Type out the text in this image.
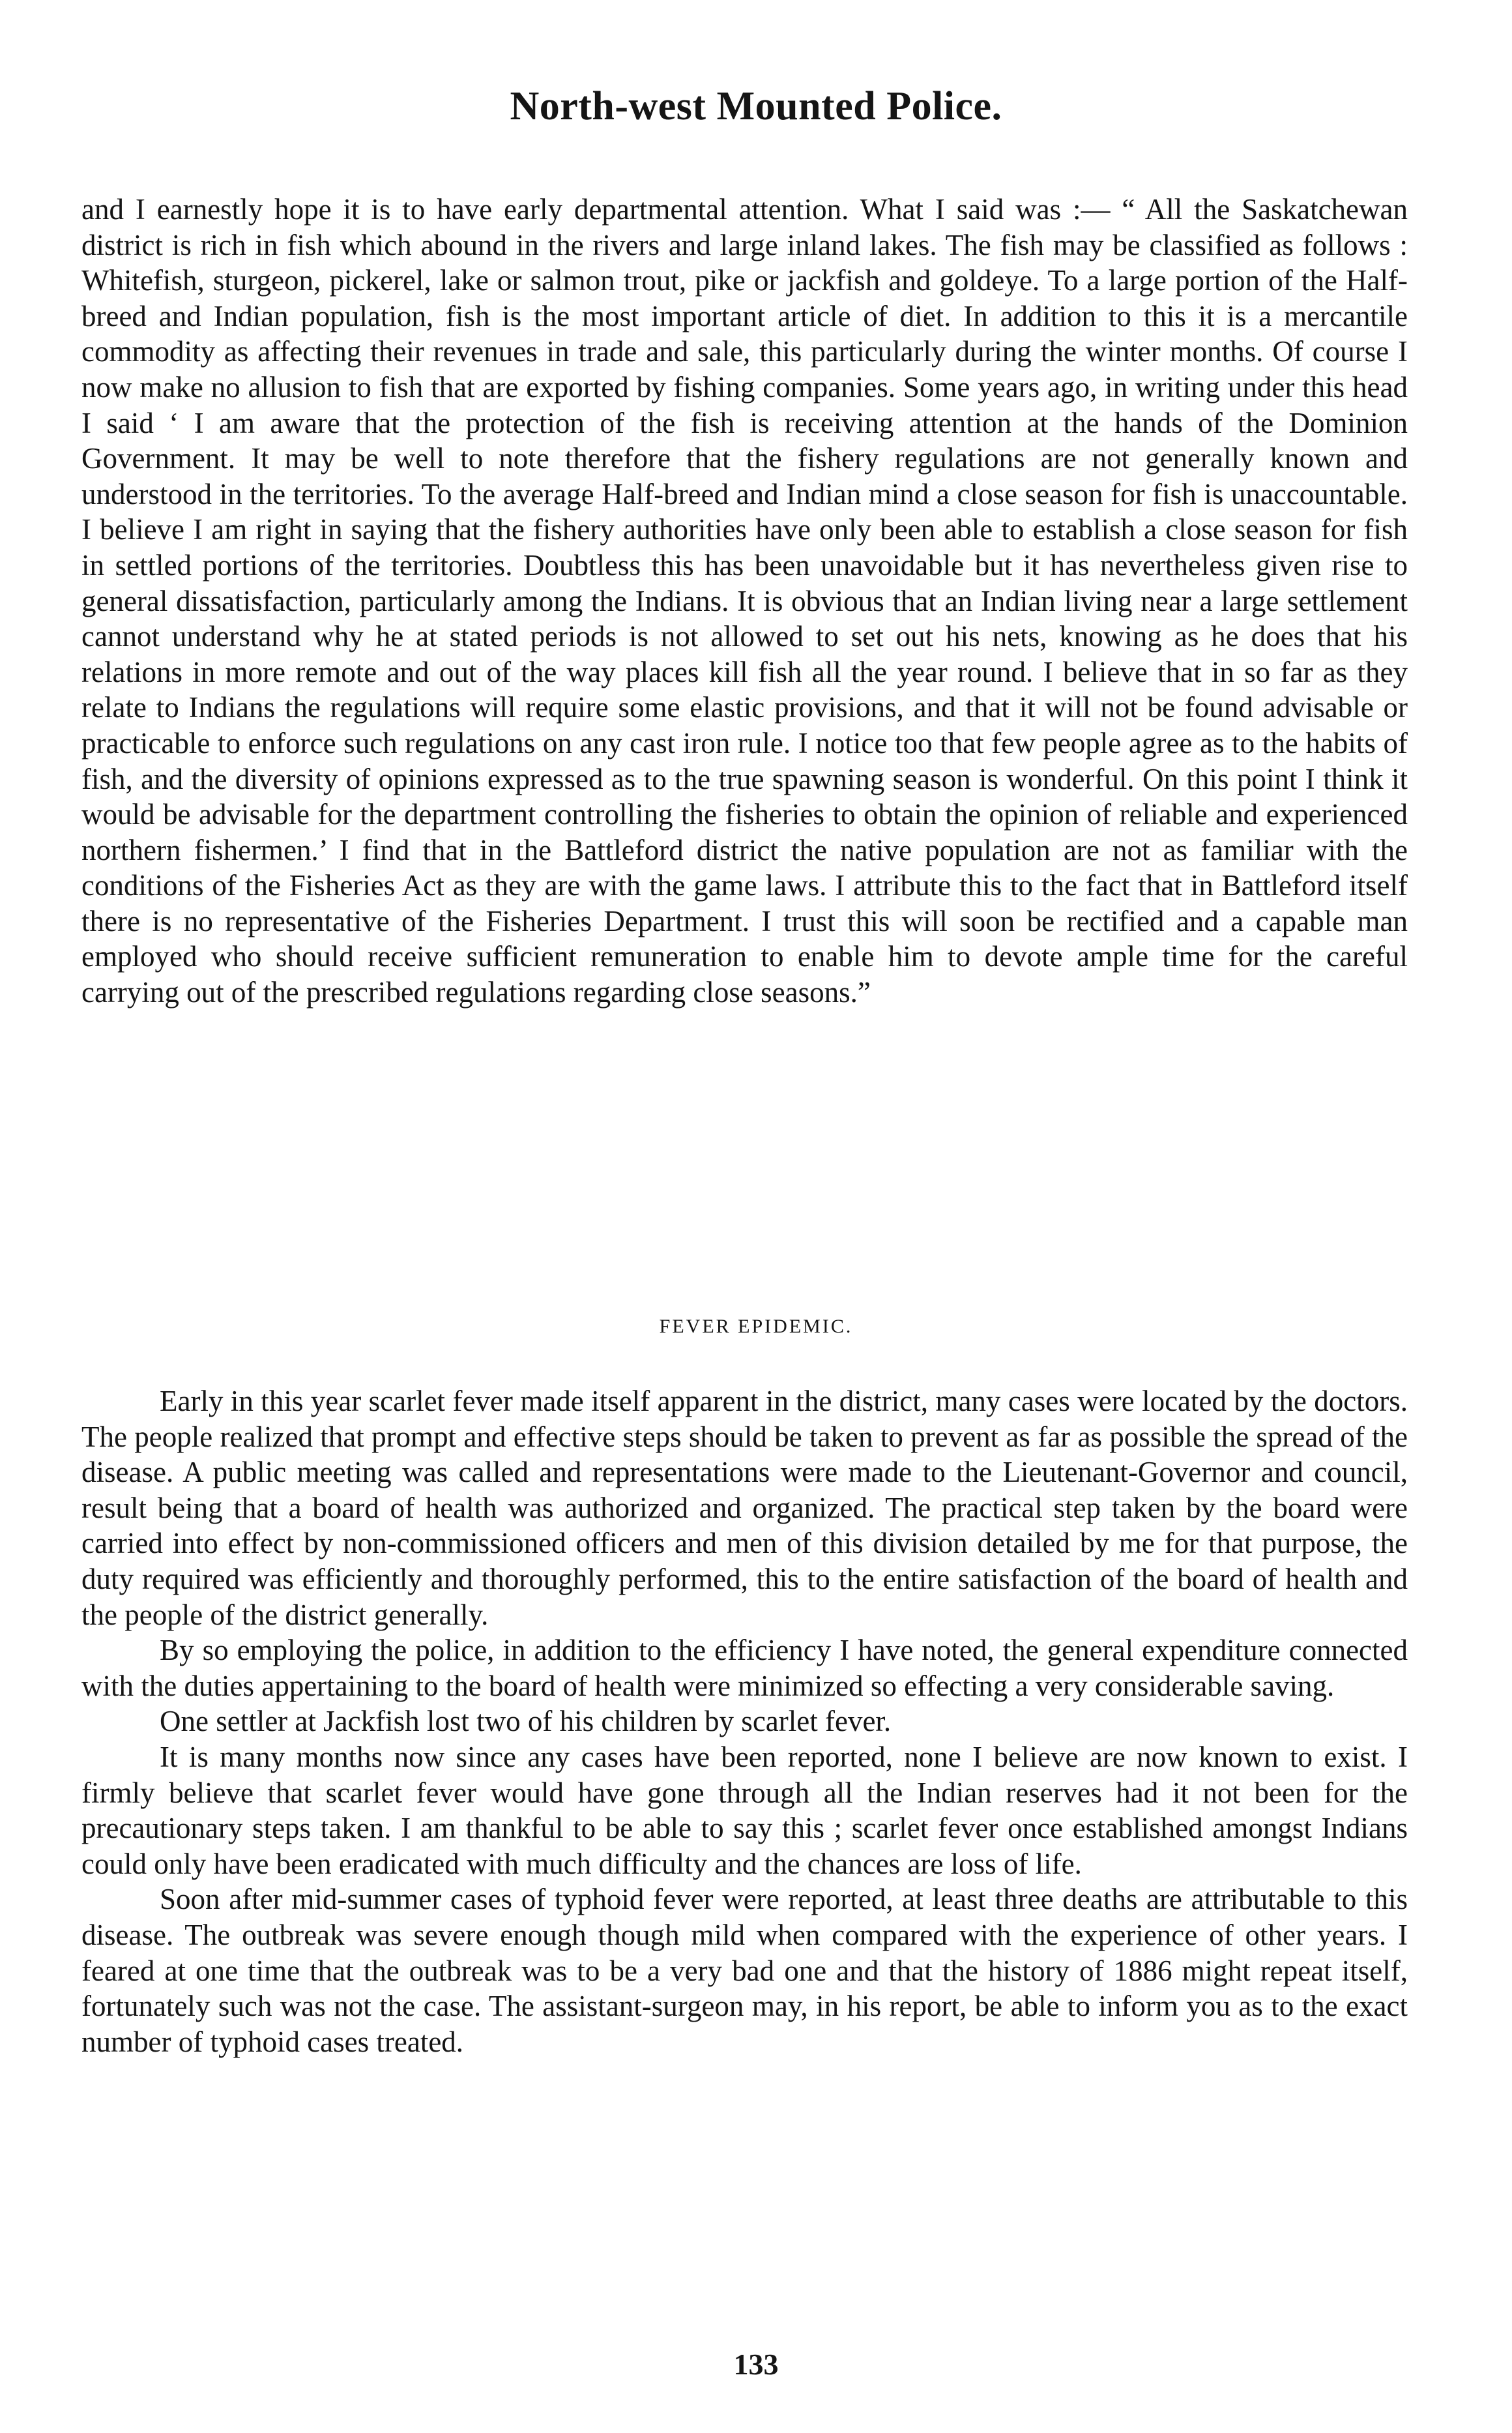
North-west Mounted Police.

and I earnestly hope it is to have early departmental attention. What I said was :— “ All the Saskatchewan district is rich in fish which abound in the rivers and large inland lakes. The fish may be classified as follows : Whitefish, sturgeon, pickerel, lake or salmon trout, pike or jackfish and goldeye. To a large portion of the Half-breed and Indian population, fish is the most important article of diet. In addition to this it is a mercantile commodity as affecting their revenues in trade and sale, this particularly during the winter months. Of course I now make no allusion to fish that are exported by fishing companies. Some years ago, in writing under this head I said ‘ I am aware that the protection of the fish is receiving attention at the hands of the Dominion Government. It may be well to note therefore that the fishery regulations are not generally known and understood in the territories. To the average Half-breed and Indian mind a close season for fish is unaccountable. I believe I am right in saying that the fishery authorities have only been able to establish a close season for fish in settled portions of the territories. Doubtless this has been unavoidable but it has nevertheless given rise to general dissatisfaction, particularly among the Indians. It is obvious that an Indian living near a large settlement cannot understand why he at stated periods is not allowed to set out his nets, knowing as he does that his relations in more remote and out of the way places kill fish all the year round. I believe that in so far as they relate to Indians the regulations will require some elastic provisions, and that it will not be found advisable or practicable to enforce such regulations on any cast iron rule. I notice too that few people agree as to the habits of fish, and the diversity of opinions expressed as to the true spawning season is wonderful. On this point I think it would be advisable for the department controlling the fisheries to obtain the opinion of reliable and experienced northern fishermen.’ I find that in the Battleford district the native population are not as familiar with the conditions of the Fisheries Act as they are with the game laws. I attribute this to the fact that in Battleford itself there is no representative of the Fisheries Department. I trust this will soon be rectified and a capable man employed who should receive sufficient remuneration to enable him to devote ample time for the careful carrying out of the prescribed regulations regarding close seasons.”

FEVER EPIDEMIC.

Early in this year scarlet fever made itself apparent in the district, many cases were located by the doctors. The people realized that prompt and effective steps should be taken to prevent as far as possible the spread of the disease. A public meeting was called and representations were made to the Lieutenant-Governor and council, result being that a board of health was authorized and organized. The practical step taken by the board were carried into effect by non-commissioned officers and men of this division detailed by me for that purpose, the duty required was efficiently and thoroughly performed, this to the entire satisfaction of the board of health and the people of the district generally.

By so employing the police, in addition to the efficiency I have noted, the general expenditure connected with the duties appertaining to the board of health were minimized so effecting a very considerable saving.

One settler at Jackfish lost two of his children by scarlet fever.

It is many months now since any cases have been reported, none I believe are now known to exist. I firmly believe that scarlet fever would have gone through all the Indian reserves had it not been for the precautionary steps taken. I am thankful to be able to say this ; scarlet fever once established amongst Indians could only have been eradicated with much difficulty and the chances are loss of life.

Soon after mid-summer cases of typhoid fever were reported, at least three deaths are attributable to this disease. The outbreak was severe enough though mild when compared with the experience of other years. I feared at one time that the outbreak was to be a very bad one and that the history of 1886 might repeat itself, fortunately such was not the case. The assistant-surgeon may, in his report, be able to inform you as to the exact number of typhoid cases treated.

133
